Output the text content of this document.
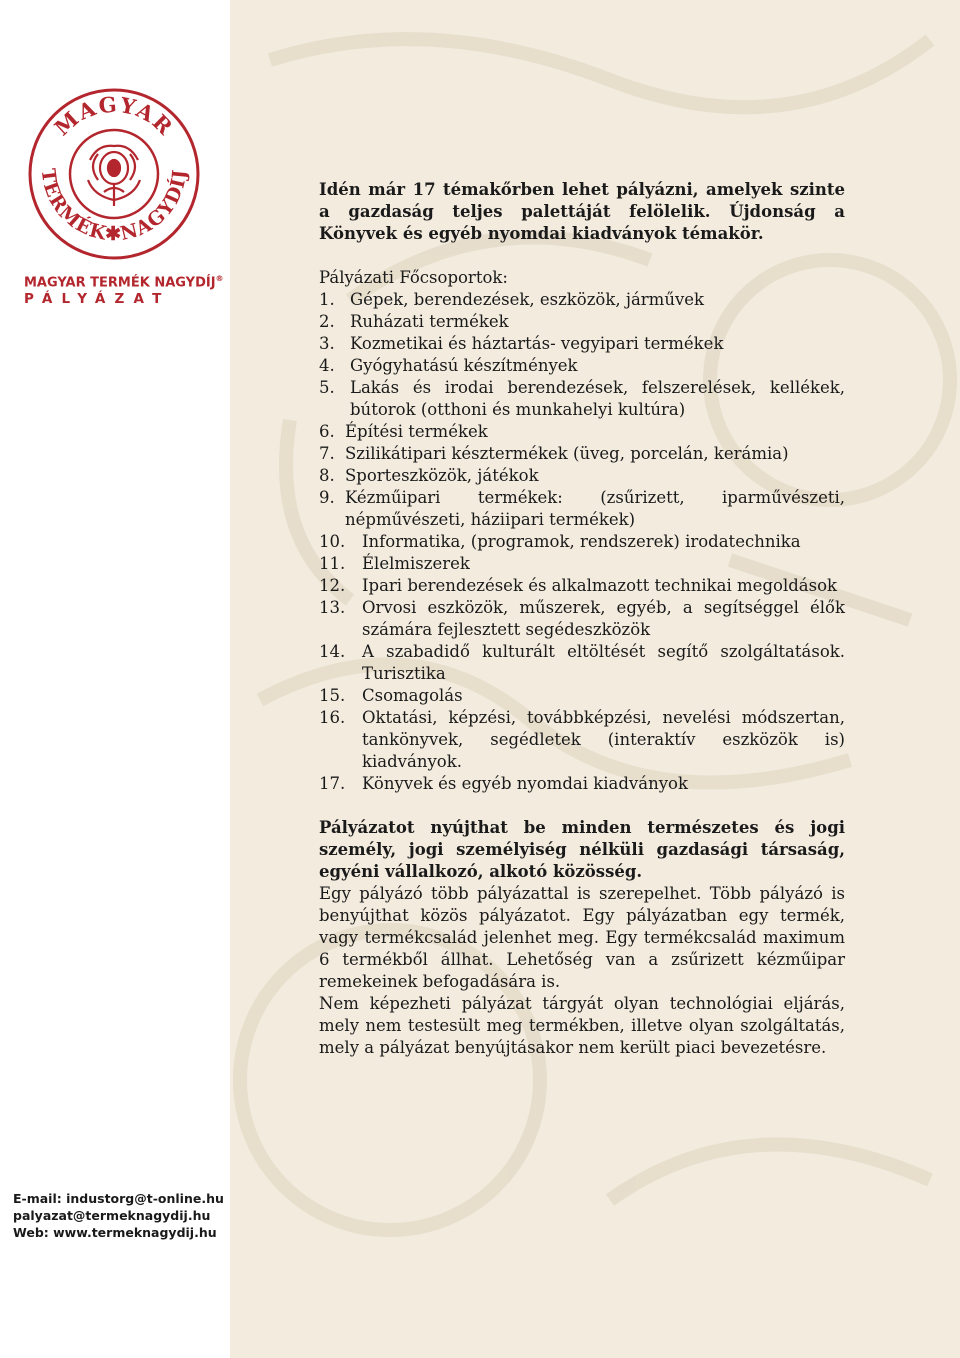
MAGYAR
TERMÉK✱NAGYDÍJ
MAGYAR TERMÉK NAGYDÍJ®
PÁLYÁZAT
E-mail: industorg@t-online.hu
palyazat@termeknagydij.hu
Web: www.termeknagydij.hu

Idén már 17 témakőrben lehet pályázni, amelyek szinte a gazdaság teljes palettáját felölelik. Újdonság a Könyvek és egyéb nyomdai kiadványok témakör.

Pályázati Főcsoportok:

1. Gépek, berendezések, eszközök, járművek
2. Ruházati termékek
3. Kozmetikai és háztartás- vegyipari termékek
4. Gyógyhatású készítmények
5. Lakás és irodai berendezések, felszerelések, kellékek, bútorok (otthoni és munkahelyi kultúra)
6. Építési termékek
7. Szilikátipari késztermékek (üveg, porcelán, kerámia)
8. Sporteszközök, játékok
9. Kézműipari termékek: (zsűrizett, iparművészeti, népművészeti, háziipari termékek)
10. Informatika, (programok, rendszerek) irodatechnika
11. Élelmiszerek
12. Ipari berendezések és alkalmazott technikai megoldások
13. Orvosi eszközök, műszerek, egyéb, a segítséggel élők számára fejlesztett segédeszközök
14. A szabadidő kulturált eltöltését segítő szolgáltatások. Turisztika
15. Csomagolás
16. Oktatási, képzési, továbbképzési, nevelési módszertan, tankönyvek, segédletek (interaktív eszközök is) kiadványok.
17. Könyvek és egyéb nyomdai kiadványok

Pályázatot nyújthat be minden természetes és jogi személy, jogi személyiség nélküli gazdasági társaság, egyéni vállalkozó, alkotó közösség.

Egy pályázó több pályázattal is szerepelhet. Több pályázó is benyújthat közös pályázatot. Egy pályázatban egy termék, vagy termékcsalád jelenhet meg. Egy termékcsalád maximum 6 termékből állhat. Lehetőség van a zsűrizett kézműipar remekeinek befogadására is.

Nem képezheti pályázat tárgyát olyan technológiai eljárás, mely nem testesült meg termékben, illetve olyan szolgáltatás, mely a pályázat benyújtásakor nem került piaci bevezetésre.
